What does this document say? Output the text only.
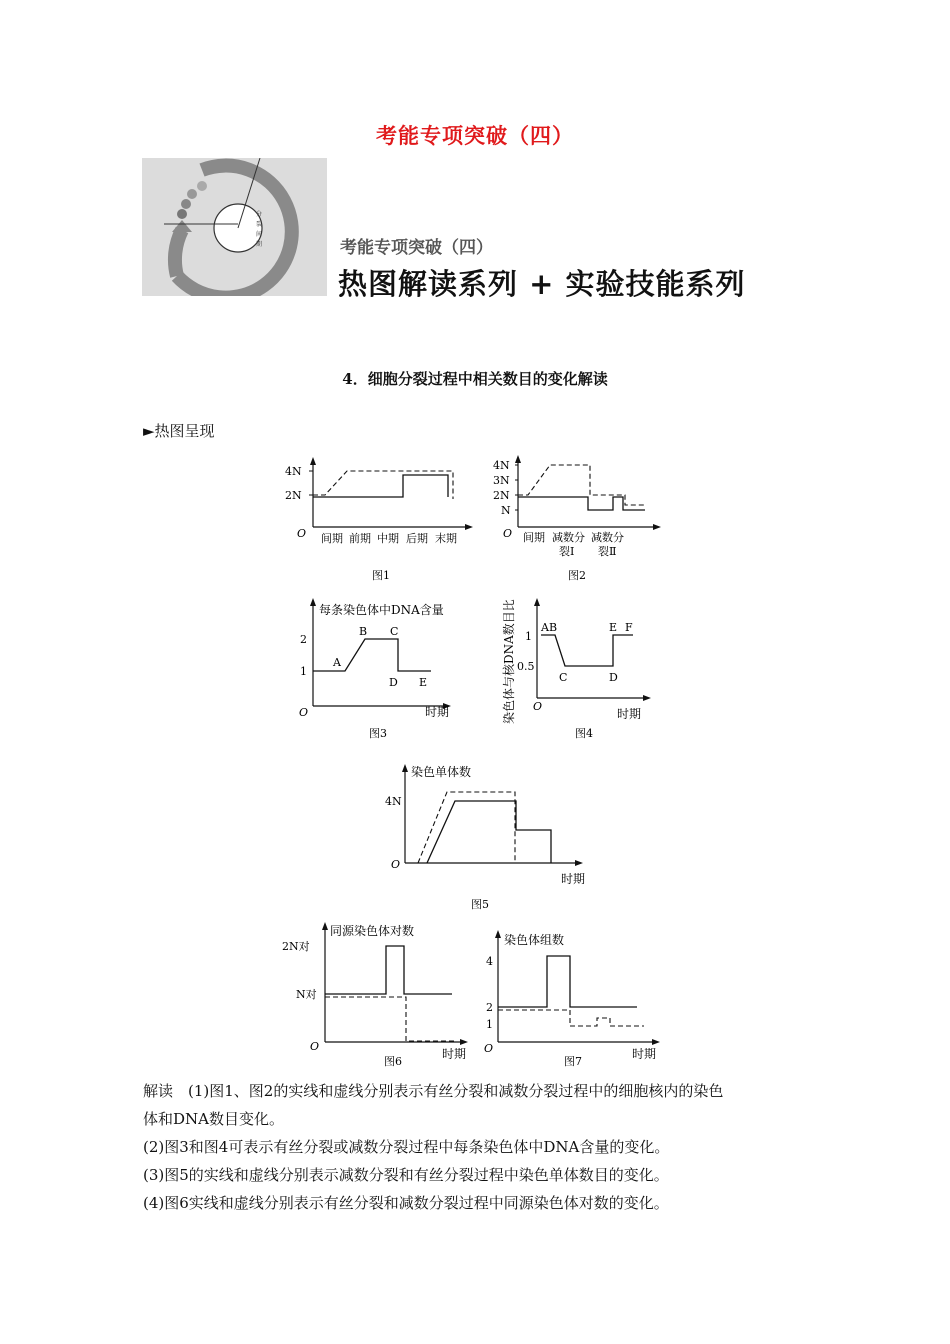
考能专项突破（四）
分
裂
间
期	考能专项突破（四）
热图解读系列 + 实验技能系列
4．细胞分裂过程中相关数目的变化解读
►热图呈现
4N
2N
O 间期 前期 中期 后期 末期
图1
4N
3N
2N
N
O 间期 减数分 减数分
裂Ⅰ 裂Ⅱ
图2
每条染色体中DNA含量
2
1
O
A
B C
D E
时期
图3
染色体与核DNA数目比 1
0.5
O
AB
C	D
E F
时期
图4
染色单体数
4N
O
时期
图5
同源染色体对数
2N对
N对
O
时期
图6
染色体组数
4
2
1
O	时期
图7
解读　(1)图1、图2的实线和虚线分别表示有丝分裂和减数分裂过程中的细胞核内的染色
体和DNA数目变化。
(2)图3和图4可表示有丝分裂或减数分裂过程中每条染色体中DNA含量的变化。
(3)图5的实线和虚线分别表示减数分裂和有丝分裂过程中染色单体数目的变化。
(4)图6实线和虚线分别表示有丝分裂和减数分裂过程中同源染色体对数的变化。
